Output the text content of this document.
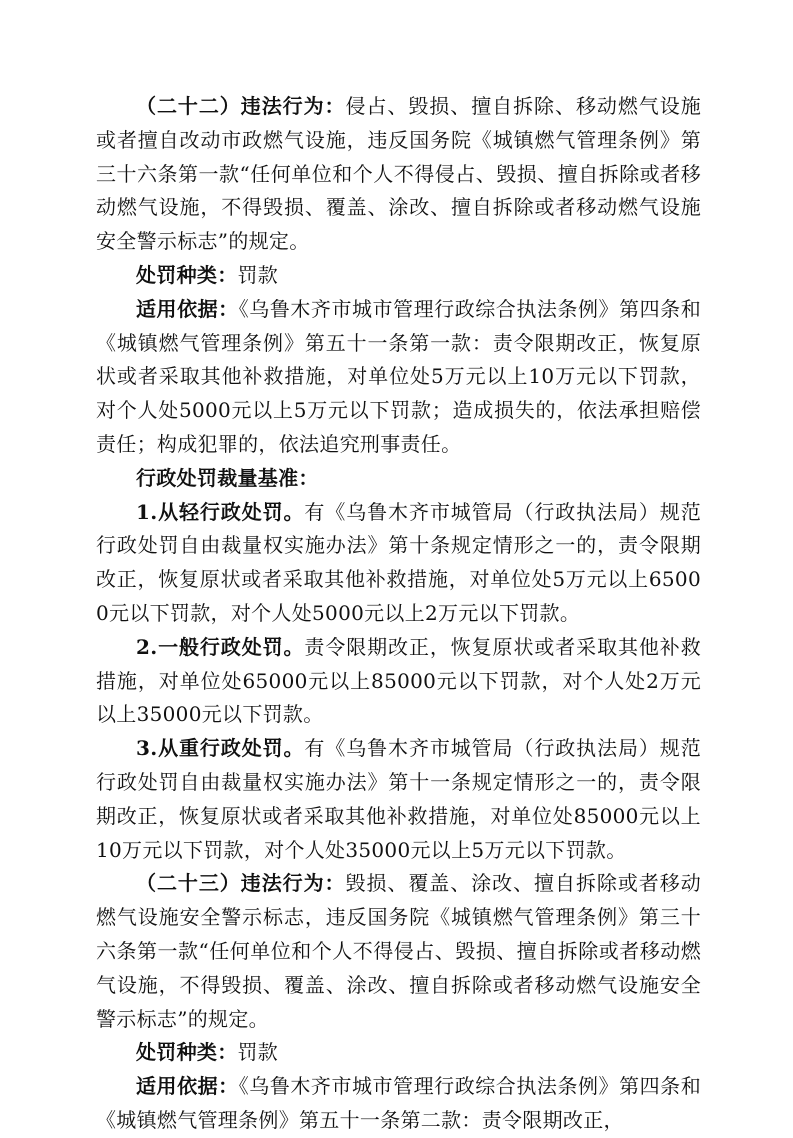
（二十二）违法行为：侵占、毁损、擅自拆除、移动燃气设施或者擅自改动市政燃气设施，违反国务院《城镇燃气管理条例》第三十六条第一款“任何单位和个人不得侵占、毁损、擅自拆除或者移动燃气设施，不得毁损、覆盖、涂改、擅自拆除或者移动燃气设施安全警示标志”的规定。

处罚种类：罚款

适用依据：《乌鲁木齐市城市管理行政综合执法条例》第四条和《城镇燃气管理条例》第五十一条第一款：责令限期改正，恢复原状或者采取其他补救措施，对单位处5万元以上10万元以下罚款，对个人处5000元以上5万元以下罚款；造成损失的，依法承担赔偿责任；构成犯罪的，依法追究刑事责任。

行政处罚裁量基准：

1.从轻行政处罚。有《乌鲁木齐市城管局（行政执法局）规范行政处罚自由裁量权实施办法》第十条规定情形之一的，责令限期改正，恢复原状或者采取其他补救措施，对单位处5万元以上65000元以下罚款，对个人处5000元以上2万元以下罚款。

2.一般行政处罚。责令限期改正，恢复原状或者采取其他补救措施，对单位处65000元以上85000元以下罚款，对个人处2万元以上35000元以下罚款。

3.从重行政处罚。有《乌鲁木齐市城管局（行政执法局）规范行政处罚自由裁量权实施办法》第十一条规定情形之一的，责令限期改正，恢复原状或者采取其他补救措施，对单位处85000元以上10万元以下罚款，对个人处35000元以上5万元以下罚款。

（二十三）违法行为：毁损、覆盖、涂改、擅自拆除或者移动燃气设施安全警示标志，违反国务院《城镇燃气管理条例》第三十六条第一款“任何单位和个人不得侵占、毁损、擅自拆除或者移动燃气设施，不得毁损、覆盖、涂改、擅自拆除或者移动燃气设施安全警示标志”的规定。

处罚种类：罚款

适用依据：《乌鲁木齐市城市管理行政综合执法条例》第四条和《城镇燃气管理条例》第五十一条第二款：责令限期改正，
